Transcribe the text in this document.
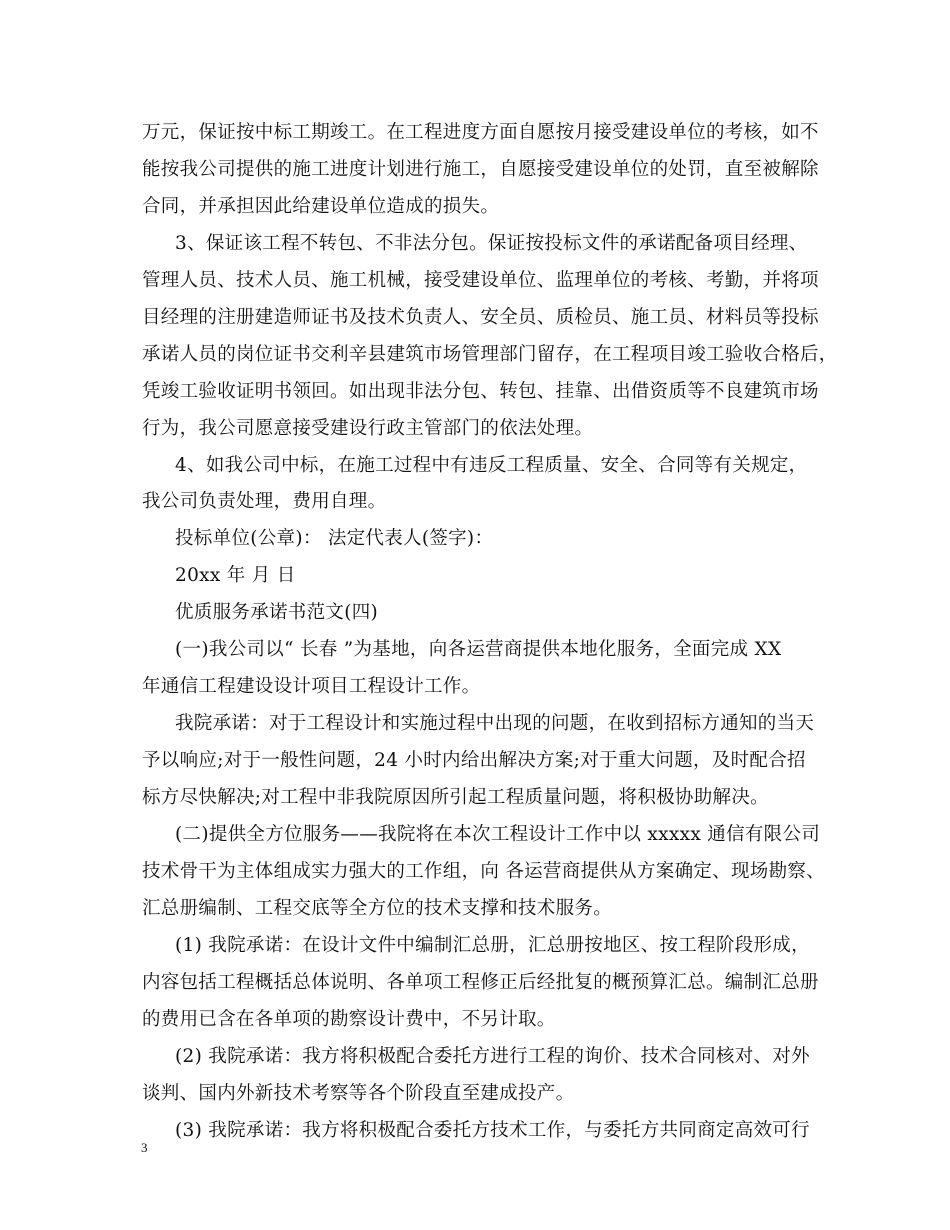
万元，保证按中标工期竣工。在工程进度方面自愿按月接受建设单位的考核，如不
能按我公司提供的施工进度计划进行施工，自愿接受建设单位的处罚，直至被解除
合同，并承担因此给建设单位造成的损失。
3、保证该工程不转包、不非法分包。保证按投标文件的承诺配备项目经理、
管理人员、技术人员、施工机械，接受建设单位、监理单位的考核、考勤，并将项
目经理的注册建造师证书及技术负责人、安全员、质检员、施工员、材料员等投标
承诺人员的岗位证书交利辛县建筑市场管理部门留存，在工程项目竣工验收合格后，
凭竣工验收证明书领回。如出现非法分包、转包、挂靠、出借资质等不良建筑市场
行为，我公司愿意接受建设行政主管部门的依法处理。
4、如我公司中标，在施工过程中有违反工程质量、安全、合同等有关规定，
我公司负责处理，费用自理。
投标单位(公章)： 法定代表人(签字)：
20xx 年 月 日
优质服务承诺书范文(四)
(一)我公司以“ 长春 ”为基地，向各运营商提供本地化服务，全面完成 XX
年通信工程建设设计项目工程设计工作。
我院承诺：对于工程设计和实施过程中出现的问题，在收到招标方通知的当天
予以响应;对于一般性问题，24 小时内给出解决方案;对于重大问题，及时配合招
标方尽快解决;对工程中非我院原因所引起工程质量问题，将积极协助解决。
(二)提供全方位服务——我院将在本次工程设计工作中以 xxxxx 通信有限公司
技术骨干为主体组成实力强大的工作组，向 各运营商提供从方案确定、现场勘察、
汇总册编制、工程交底等全方位的技术支撑和技术服务。
(1) 我院承诺：在设计文件中编制汇总册，汇总册按地区、按工程阶段形成，
内容包括工程概括总体说明、各单项工程修正后经批复的概预算汇总。编制汇总册
的费用已含在各单项的勘察设计费中，不另计取。
(2) 我院承诺：我方将积极配合委托方进行工程的询价、技术合同核对、对外
谈判、国内外新技术考察等各个阶段直至建成投产。
(3) 我院承诺：我方将积极配合委托方技术工作，与委托方共同商定高效可行
3
